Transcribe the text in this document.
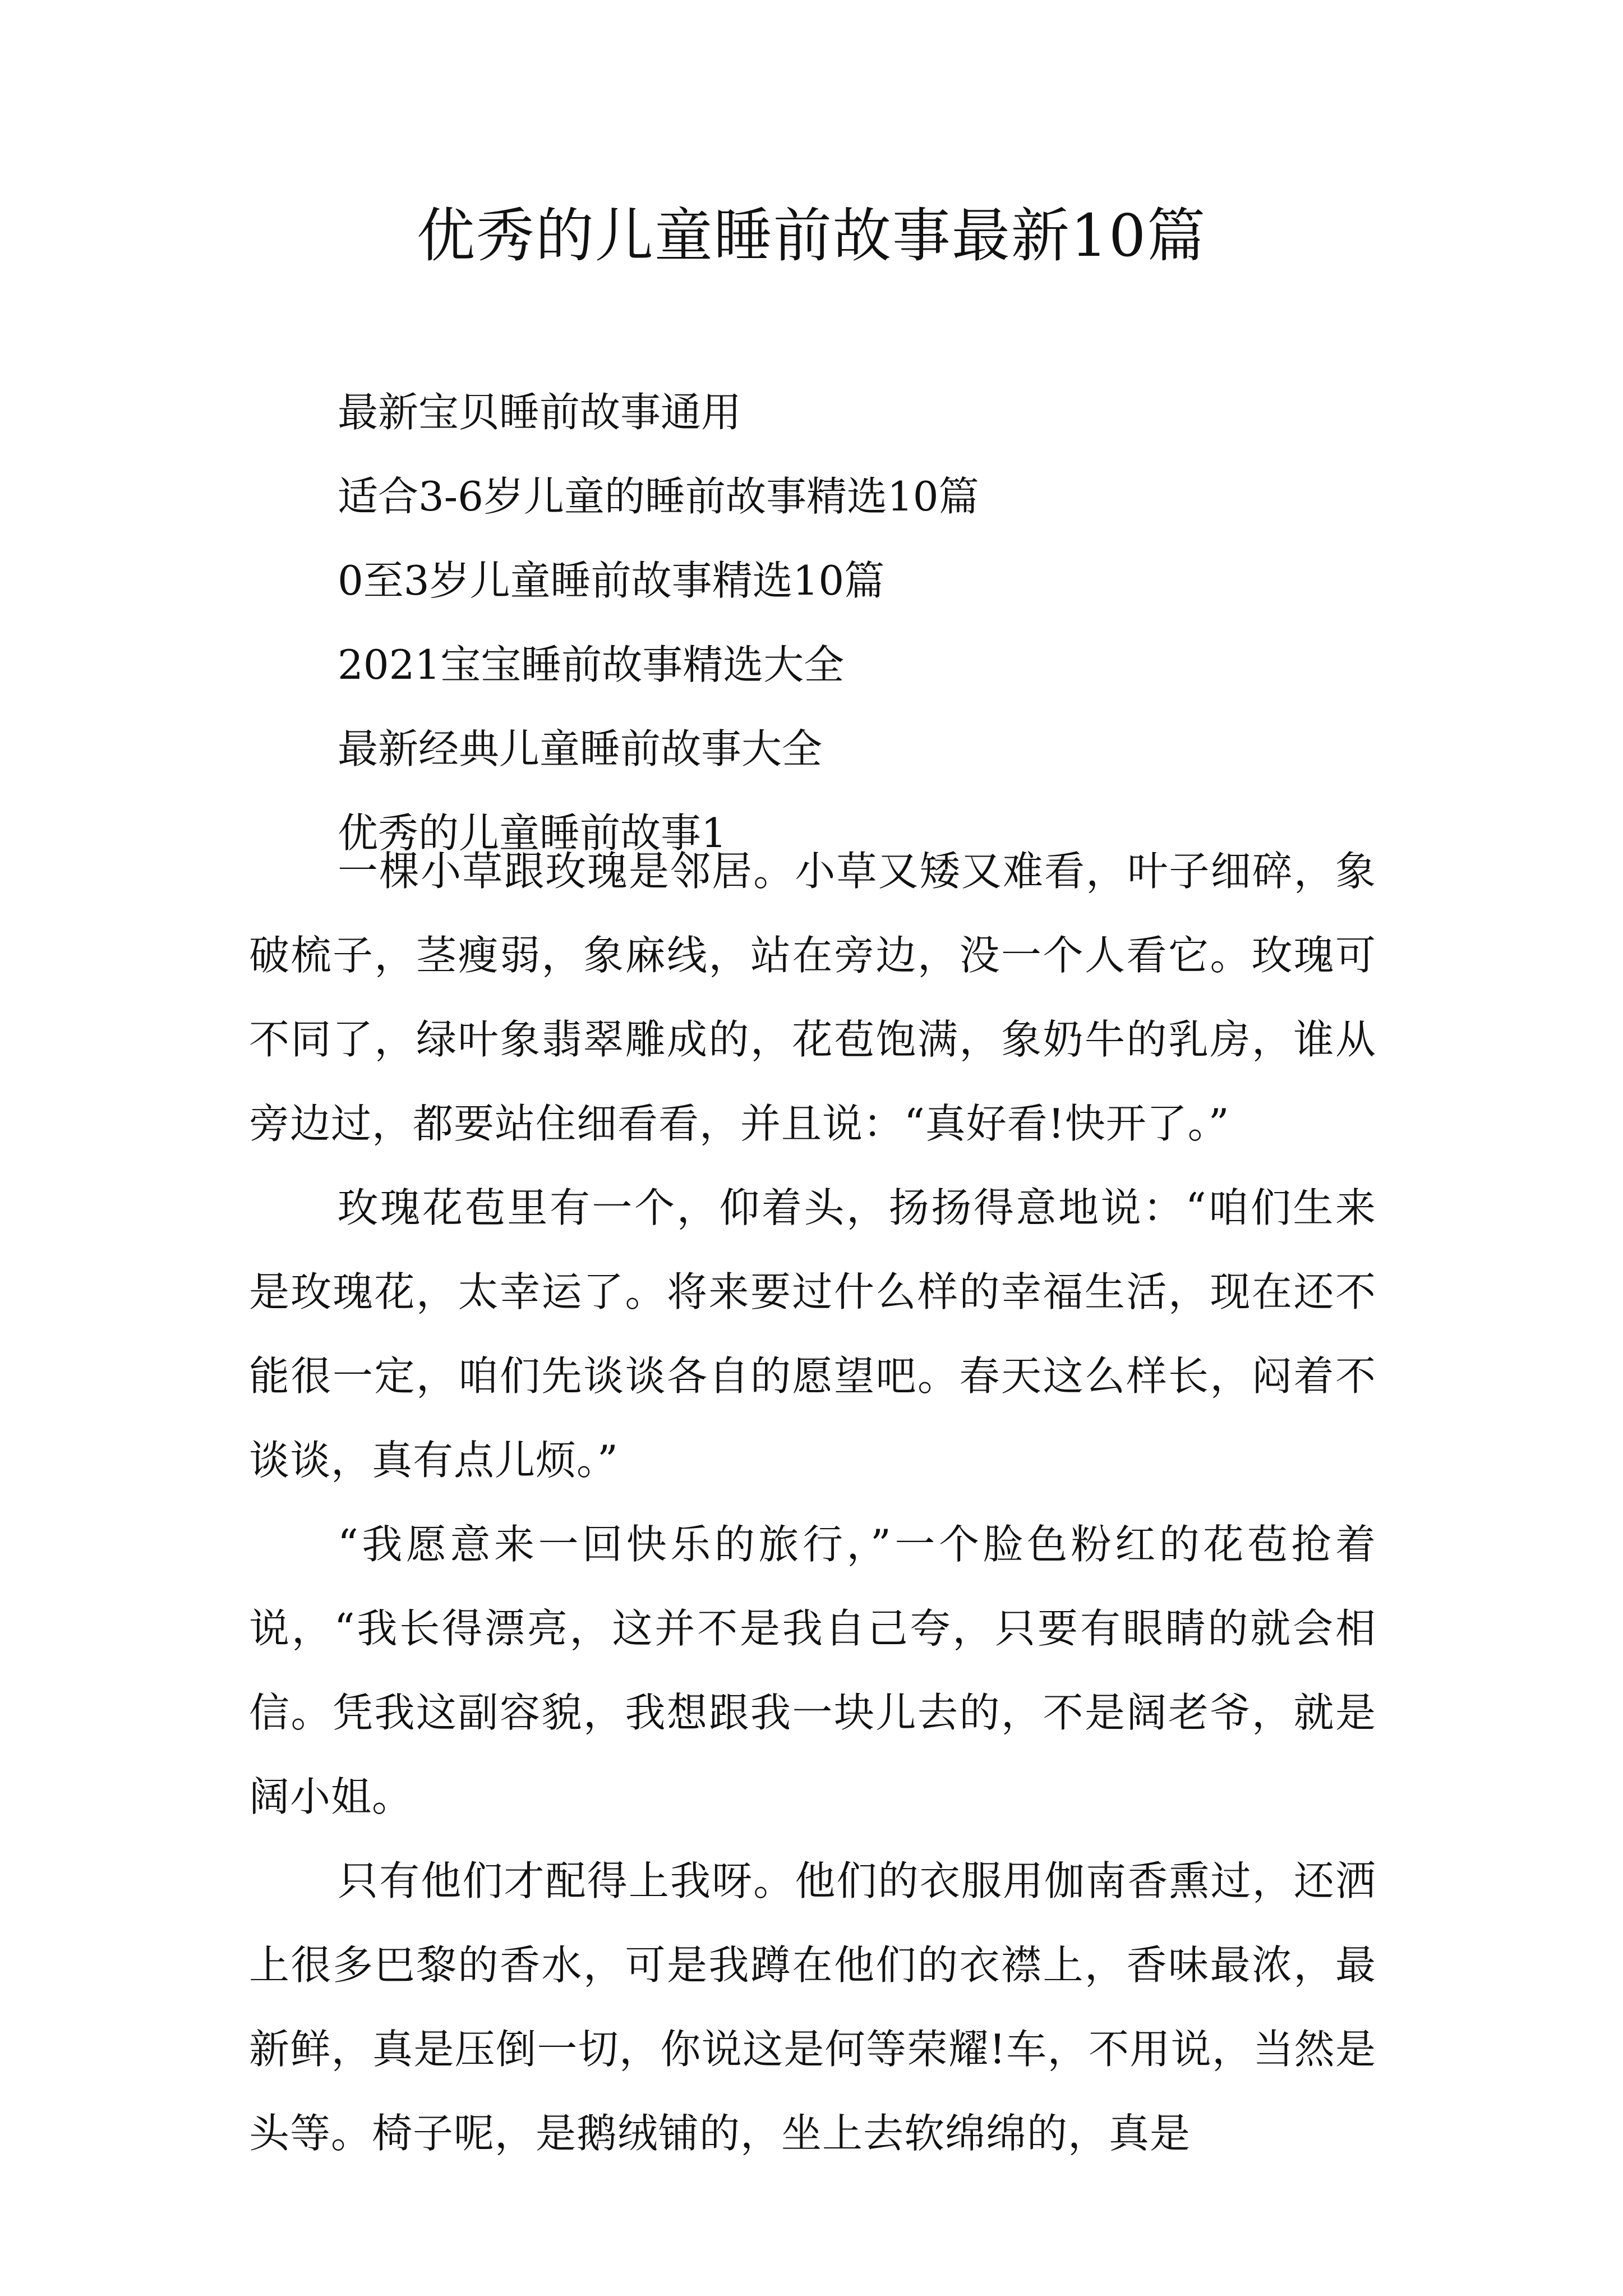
优秀的儿童睡前故事最新10篇
最新宝贝睡前故事通用
适合3-6岁儿童的睡前故事精选10篇
0至3岁儿童睡前故事精选10篇
2021宝宝睡前故事精选大全
最新经典儿童睡前故事大全
优秀的儿童睡前故事1

一棵小草跟玫瑰是邻居。小草又矮又难看，叶子细碎，象破梳子，茎瘦弱，象麻线，站在旁边，没一个人看它。玫瑰可不同了，绿叶象翡翠雕成的，花苞饱满，象奶牛的乳房，谁从旁边过，都要站住细看看，并且说：“真好看!快开了。”

玫瑰花苞里有一个，仰着头，扬扬得意地说：“咱们生来是玫瑰花，太幸运了。将来要过什么样的幸福生活，现在还不能很一定，咱们先谈谈各自的愿望吧。春天这么样长，闷着不谈谈，真有点儿烦。”

“我愿意来一回快乐的旅行，”一个脸色粉红的花苞抢着说，“我长得漂亮，这并不是我自己夸，只要有眼睛的就会相信。凭我这副容貌，我想跟我一块儿去的，不是阔老爷，就是阔小姐。

只有他们才配得上我呀。他们的衣服用伽南香熏过，还洒上很多巴黎的香水，可是我蹲在他们的衣襟上，香味最浓，最新鲜，真是压倒一切，你说这是何等荣耀!车，不用说，当然是头等。椅子呢，是鹅绒铺的，坐上去软绵绵的，真是
